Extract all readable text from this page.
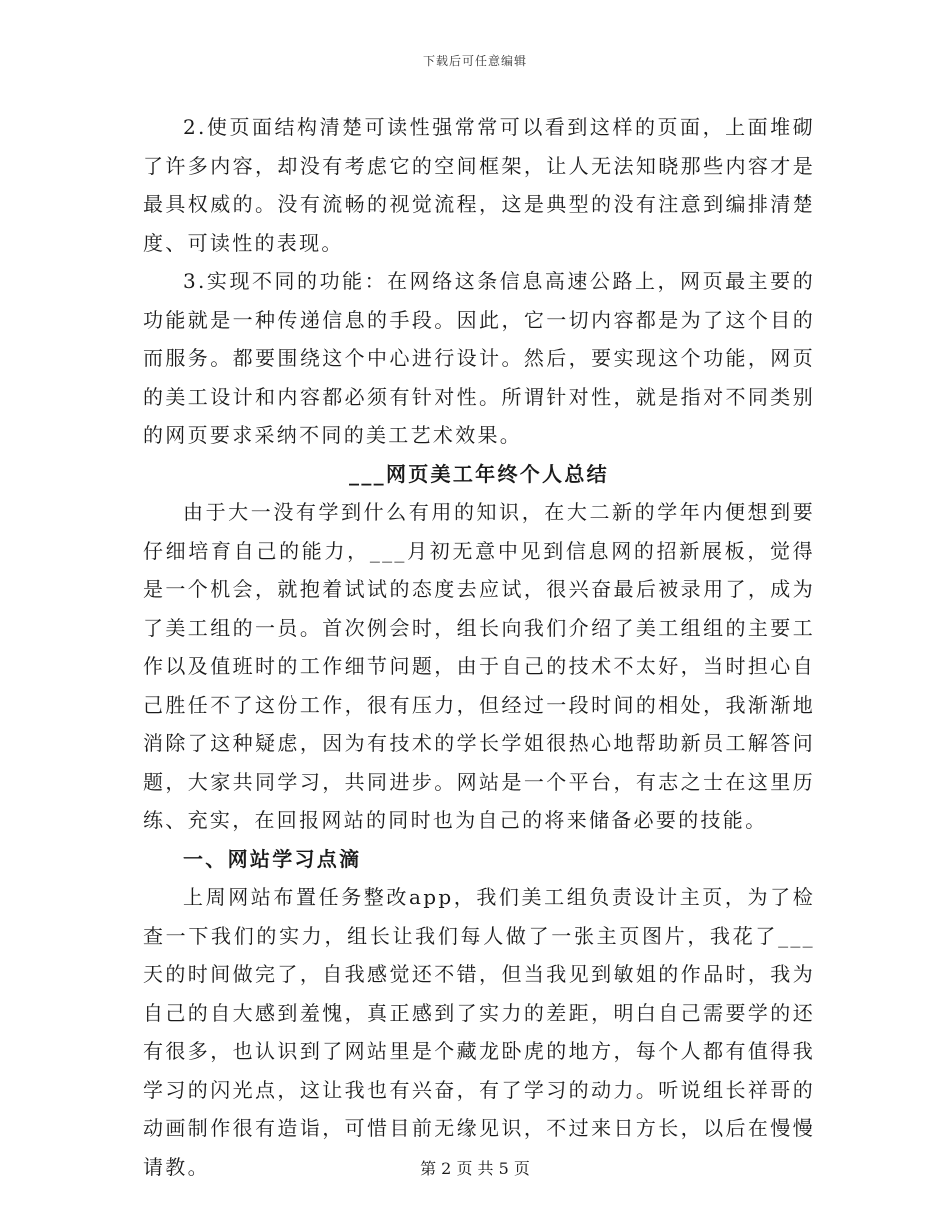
下载后可任意编辑

2.使页面结构清楚可读性强常常可以看到这样的页面，上面堆砌了许多内容，却没有考虑它的空间框架，让人无法知晓那些内容才是最具权威的。没有流畅的视觉流程，这是典型的没有注意到编排清楚度、可读性的表现。

3.实现不同的功能：在网络这条信息高速公路上，网页最主要的功能就是一种传递信息的手段。因此，它一切内容都是为了这个目的而服务。都要围绕这个中心进行设计。然后，要实现这个功能，网页的美工设计和内容都必须有针对性。所谓针对性，就是指对不同类别的网页要求采纳不同的美工艺术效果。

___网页美工年终个人总结

由于大一没有学到什么有用的知识，在大二新的学年内便想到要仔细培育自己的能力，___月初无意中见到信息网的招新展板，觉得是一个机会，就抱着试试的态度去应试，很兴奋最后被录用了，成为了美工组的一员。首次例会时，组长向我们介绍了美工组组的主要工作以及值班时的工作细节问题，由于自己的技术不太好，当时担心自己胜任不了这份工作，很有压力，但经过一段时间的相处，我渐渐地消除了这种疑虑，因为有技术的学长学姐很热心地帮助新员工解答问题，大家共同学习，共同进步。网站是一个平台，有志之士在这里历练、充实，在回报网站的同时也为自己的将来储备必要的技能。

一、网站学习点滴

上周网站布置任务整改app，我们美工组负责设计主页，为了检查一下我们的实力，组长让我们每人做了一张主页图片，我花了___天的时间做完了，自我感觉还不错，但当我见到敏姐的作品时，我为自己的自大感到羞愧，真正感到了实力的差距，明白自己需要学的还有很多，也认识到了网站里是个藏龙卧虎的地方，每个人都有值得我学习的闪光点，这让我也有兴奋，有了学习的动力。听说组长祥哥的动画制作很有造诣，可惜目前无缘见识，不过来日方长，以后在慢慢请教。	第 2 页 共 5 页
